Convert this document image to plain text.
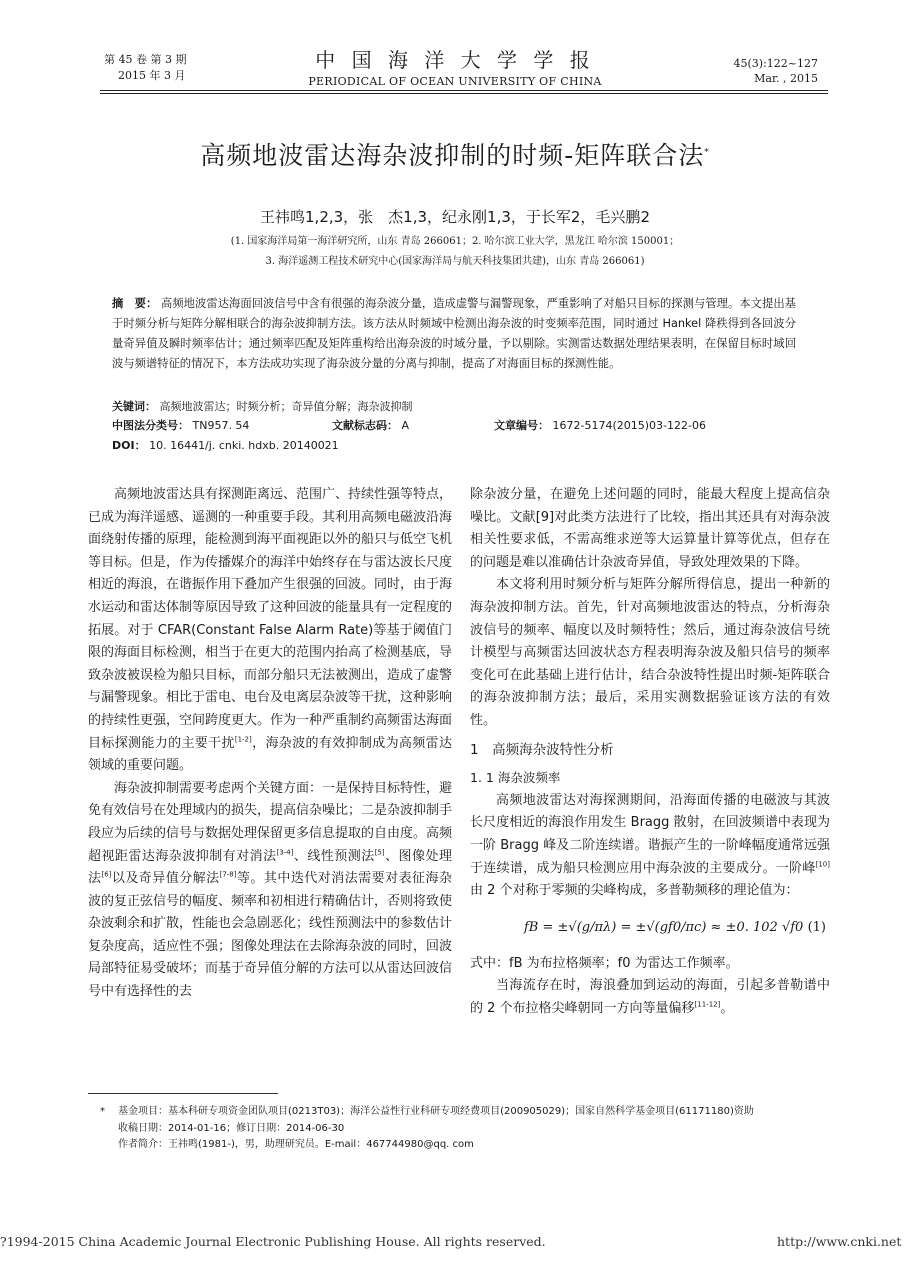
第 45 卷 第 3 期
2015 年 3 月
中 国 海 洋 大 学 学 报
PERIODICAL OF OCEAN UNIVERSITY OF CHINA
45(3):122~127
Mar. , 2015
高频地波雷达海杂波抑制的时频-矩阵联合法*
王祎鸣1,2,3，张　杰1,3，纪永刚1,3，于长军2，毛兴鹏2
(1. 国家海洋局第一海洋研究所，山东 青岛 266061；2. 哈尔滨工业大学，黑龙江 哈尔滨 150001；
3. 海洋遥测工程技术研究中心(国家海洋局与航天科技集团共建)，山东 青岛 266061)
摘　要： 高频地波雷达海面回波信号中含有很强的海杂波分量，造成虚警与漏警现象，严重影响了对船只目标的探测与管理。本文提出基于时频分析与矩阵分解相联合的海杂波抑制方法。该方法从时频域中检测出海杂波的时变频率范围，同时通过 Hankel 降秩得到各回波分量奇异值及瞬时频率估计；通过频率匹配及矩阵重构给出海杂波的时域分量，予以剔除。实测雷达数据处理结果表明，在保留目标时域回波与频谱特征的情况下，本方法成功实现了海杂波分量的分离与抑制，提高了对海面目标的探测性能。
关键词： 高频地波雷达；时频分析；奇异值分解；海杂波抑制
中图法分类号： TN957. 54	文献标志码： A	文章编号： 1672-5174(2015)03-122-06
DOI： 10. 16441/j. cnki. hdxb. 20140021

高频地波雷达具有探测距离远、范围广、持续性强等特点，已成为海洋遥感、遥测的一种重要手段。其利用高频电磁波沿海面绕射传播的原理，能检测到海平面视距以外的船只与低空飞机等目标。但是，作为传播媒介的海洋中始终存在与雷达波长尺度相近的海浪，在谐振作用下叠加产生很强的回波。同时，由于海水运动和雷达体制等原因导致了这种回波的能量具有一定程度的拓展。对于 CFAR(Constant False Alarm Rate)等基于阈值门限的海面目标检测，相当于在更大的范围内抬高了检测基底，导致杂波被误检为船只目标，而部分船只无法被测出，造成了虚警与漏警现象。相比于雷电、电台及电离层杂波等干扰，这种影响的持续性更强，空间跨度更大。作为一种严重制约高频雷达海面目标探测能力的主要干扰[1-2]，海杂波的有效抑制成为高频雷达领域的重要问题。

海杂波抑制需要考虑两个关键方面：一是保持目标特性，避免有效信号在处理域内的损失，提高信杂噪比；二是杂波抑制手段应为后续的信号与数据处理保留更多信息提取的自由度。高频超视距雷达海杂波抑制有对消法[3-4]、线性预测法[5]、图像处理法[6]以及奇异值分解法[7-8]等。其中迭代对消法需要对表征海杂波的复正弦信号的幅度、频率和初相进行精确估计，否则将致使杂波剩余和扩散，性能也会急剧恶化；线性预测法中的参数估计复杂度高，适应性不强；图像处理法在去除海杂波的同时，回波局部特征易受破坏；而基于奇异值分解的方法可以从雷达回波信号中有选择性的去

除杂波分量，在避免上述问题的同时，能最大程度上提高信杂噪比。文献[9]对此类方法进行了比较，指出其还具有对海杂波相关性要求低，不需高维求逆等大运算量计算等优点，但存在的问题是难以准确估计杂波奇异值，导致处理效果的下降。

本文将利用时频分析与矩阵分解所得信息，提出一种新的海杂波抑制方法。首先，针对高频地波雷达的特点，分析海杂波信号的频率、幅度以及时频特性；然后，通过海杂波信号统计模型与高频雷达回波状态方程表明海杂波及船只信号的频率变化可在此基础上进行估计，结合杂波特性提出时频-矩阵联合的海杂波抑制方法；最后，采用实测数据验证该方法的有效性。

1　高频海杂波特性分析

1. 1 海杂波频率

高频地波雷达对海探测期间，沿海面传播的电磁波与其波长尺度相近的海浪作用发生 Bragg 散射，在回波频谱中表现为一阶 Bragg 峰及二阶连续谱。谐振产生的一阶峰幅度通常远强于连续谱，成为船只检测应用中海杂波的主要成分。一阶峰[10]由 2 个对称于零频的尖峰构成，多普勒频移的理论值为：

fB = ±√(g/πλ) = ±√(gf0/πc) ≈ ±0. 102 √f0 (1)

式中：fB 为布拉格频率；f0 为雷达工作频率。

当海流存在时，海浪叠加到运动的海面，引起多普勒谱中的 2 个布拉格尖峰朝同一方向等量偏移[11-12]。

* 基金项目：基本科研专项资金团队项目(0213T03)；海洋公益性行业科研专项经费项目(200905029)；国家自然科学基金项目(61171180)资助
收稿日期：2014-01-16；修订日期：2014-06-30
作者简介：王祎鸣(1981-)，男，助理研究员。E-mail：467744980@qq. com
?1994-2015 China Academic Journal Electronic Publishing House. All rights reserved.	http://www.cnki.net
